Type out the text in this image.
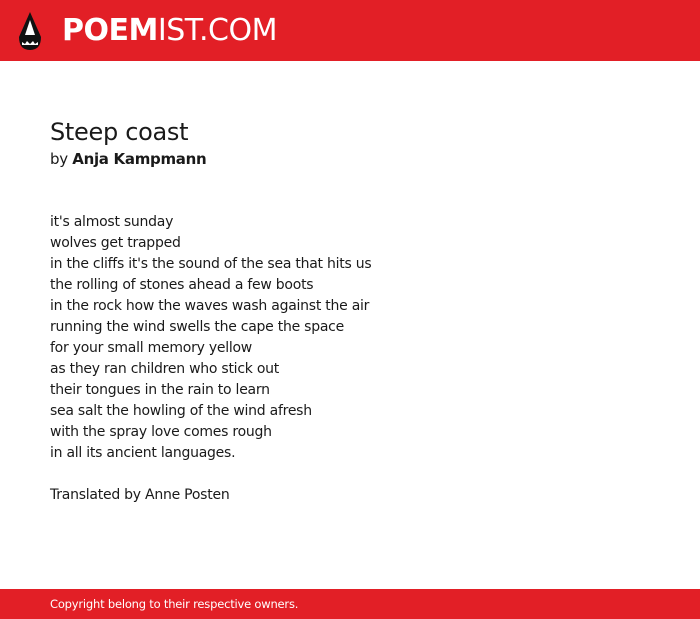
POEM IST.COM
Steep coast
by Anja Kampmann
it's almost sunday
wolves get trapped
in the cliffs it's the sound of the sea that hits us
the rolling of stones ahead a few boots
in the rock how the waves wash against the air
running the wind swells the cape the space
for your small memory yellow
as they ran children who stick out
their tongues in the rain to learn
sea salt the howling of the wind afresh
with the spray love comes rough
in all its ancient languages.

Translated by Anne Posten

Copyright belong to their respective owners.
